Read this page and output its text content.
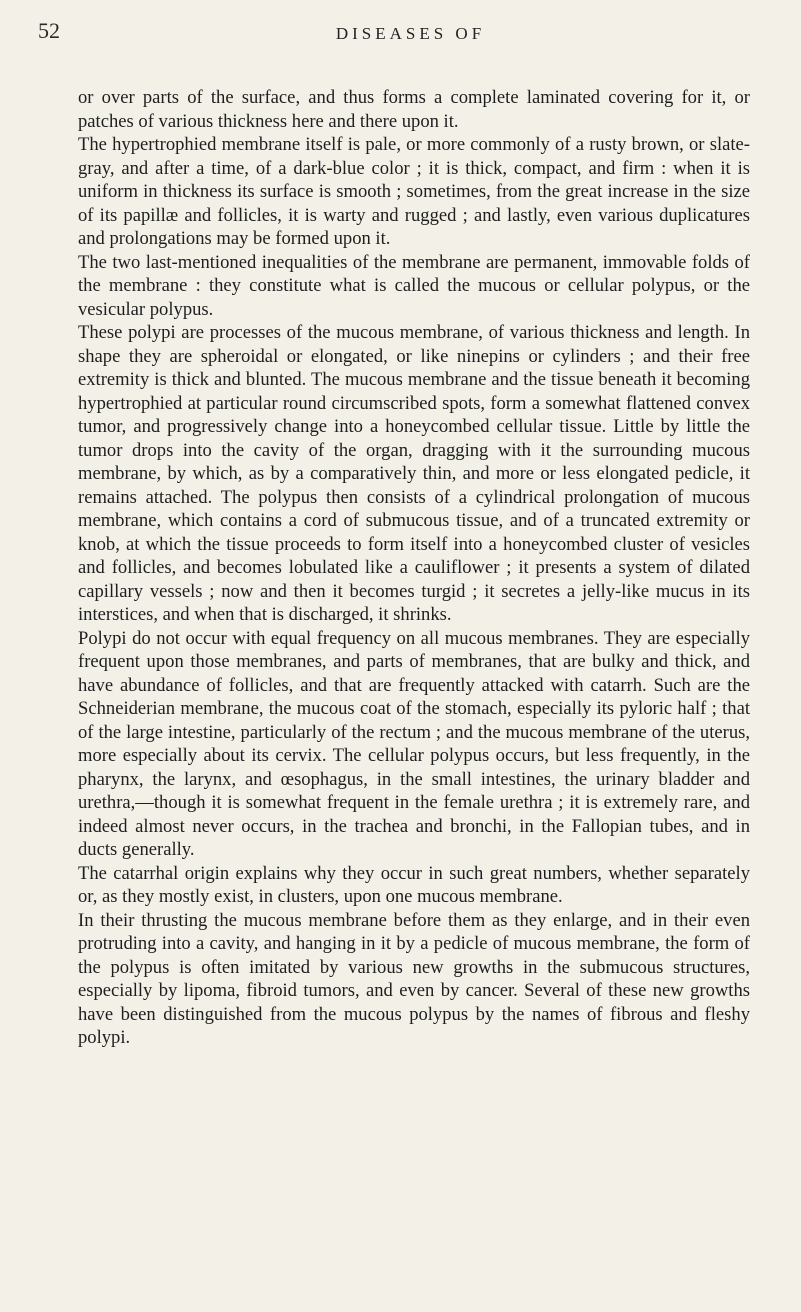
52	DISEASES OF

or over parts of the surface, and thus forms a complete laminated covering for it, or patches of various thickness here and there upon it.

The hypertrophied membrane itself is pale, or more commonly of a rusty brown, or slate-gray, and after a time, of a dark-blue color ; it is thick, compact, and firm : when it is uniform in thickness its surface is smooth ; sometimes, from the great increase in the size of its papillæ and follicles, it is warty and rugged ; and lastly, even various duplicatures and prolongations may be formed upon it.

The two last-mentioned inequalities of the membrane are permanent, immovable folds of the membrane : they constitute what is called the mucous or cellular polypus, or the vesicular polypus.

These polypi are processes of the mucous membrane, of various thickness and length. In shape they are spheroidal or elongated, or like ninepins or cylinders ; and their free extremity is thick and blunted. The mucous membrane and the tissue beneath it becoming hypertrophied at particular round circumscribed spots, form a somewhat flattened convex tumor, and progressively change into a honeycombed cellular tissue. Little by little the tumor drops into the cavity of the organ, dragging with it the surrounding mucous membrane, by which, as by a comparatively thin, and more or less elongated pedicle, it remains attached. The polypus then consists of a cylindrical prolongation of mucous membrane, which contains a cord of submucous tissue, and of a truncated extremity or knob, at which the tissue proceeds to form itself into a honeycombed cluster of vesicles and follicles, and becomes lobulated like a cauliflower ; it presents a system of dilated capillary vessels ; now and then it becomes turgid ; it secretes a jelly-like mucus in its interstices, and when that is discharged, it shrinks.

Polypi do not occur with equal frequency on all mucous membranes. They are especially frequent upon those membranes, and parts of membranes, that are bulky and thick, and have abundance of follicles, and that are frequently attacked with catarrh. Such are the Schneiderian membrane, the mucous coat of the stomach, especially its pyloric half ; that of the large intestine, particularly of the rectum ; and the mucous membrane of the uterus, more especially about its cervix. The cellular polypus occurs, but less frequently, in the pharynx, the larynx, and œsophagus, in the small intestines, the urinary bladder and urethra,—though it is somewhat frequent in the female urethra ; it is extremely rare, and indeed almost never occurs, in the trachea and bronchi, in the Fallopian tubes, and in ducts generally.

The catarrhal origin explains why they occur in such great numbers, whether separately or, as they mostly exist, in clusters, upon one mucous membrane.

In their thrusting the mucous membrane before them as they enlarge, and in their even protruding into a cavity, and hanging in it by a pedicle of mucous membrane, the form of the polypus is often imitated by various new growths in the submucous structures, especially by lipoma, fibroid tumors, and even by cancer. Several of these new growths have been distinguished from the mucous polypus by the names of fibrous and fleshy polypi.
